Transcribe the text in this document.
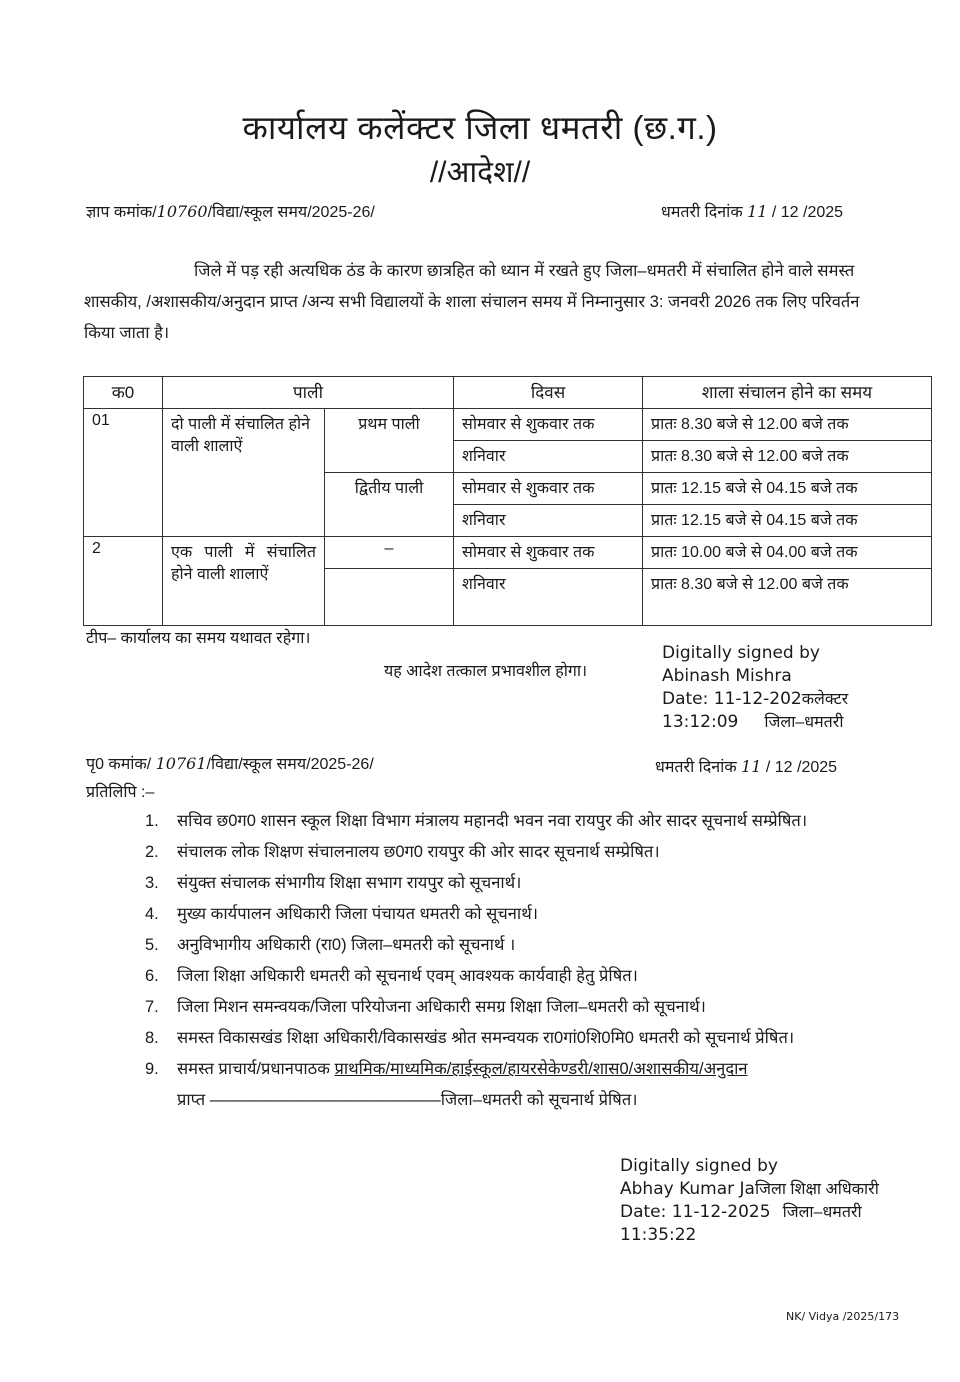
कार्यालय कलेंक्टर जिला धमतरी (छ.ग.)
//आदेश//
ज्ञाप कमांक/10760/विद्या/स्कूल समय/2025-26/	धमतरी दिनांक 11 / 12 /2025
जिले में पड़ रही अत्यधिक ठंड के कारण छात्रहित को ध्यान में रखते हुए जिला–धमतरी में संचालित होने वाले समस्त शासकीय, /अशासकीय/अनुदान प्राप्त /अन्य सभी विद्यालयों के शाला संचालन समय में निम्नानुसार 3: जनवरी 2026 तक लिए परिवर्तन किया जाता है।
क0	पाली		दिवस	शाला संचालन होने का समय
01	दो पाली में संचालित होने वाली शालाऐं	प्रथम पाली	सोमवार से शुकवार तक	प्रातः 8.30 बजे से 12.00 बजे तक
			शनिवार	प्रातः 8.30 बजे से 12.00 बजे तक
		द्वितीय पाली	सोमवार से शुकवार तक	प्रातः 12.15 बजे से 04.15 बजे तक
			शनिवार	प्रातः 12.15 बजे से 04.15 बजे तक
2	एक पाली में संचालित होने वाली शालाऐं	–	सोमवार से शुकवार तक	प्रातः 10.00 बजे से 04.00 बजे तक
			शनिवार	प्रातः 8.30 बजे से 12.00 बजे तक
टीप– कार्यालय का समय यथावत रहेगा।
यह आदेश तत्काल प्रभावशील होगा।
Digitally signed by
Abinash Mishra
Date: 11-12-202कलेक्टर
13:12:09 जिला–धमतरी
पृ0 कमांक/ 10761/विद्या/स्कूल समय/2025-26/	धमतरी दिनांक 11 / 12 /2025
प्रतिलिपि :–
1.	सचिव छ0ग0 शासन स्कूल शिक्षा विभाग मंत्रालय महानदी भवन नवा रायपुर की ओर सादर सूचनार्थ सम्प्रेषित।
2.	संचालक लोक शिक्षण संचालनालय छ0ग0 रायपुर की ओर सादर सूचनार्थ सम्प्रेषित।
3.	संयुक्त संचालक संभागीय शिक्षा सभाग रायपुर को सूचनार्थ।
4.	मुख्य कार्यपालन अधिकारी जिला पंचायत धमतरी को सूचनार्थ।
5.	अनुविभागीय अधिकारी (रा0) जिला–धमतरी को सूचनार्थ ।
6.	जिला शिक्षा अधिकारी धमतरी को सूचनार्थ एवम् आवश्यक कार्यवाही हेतु प्रेषित।
7.	जिला मिशन समन्वयक/जिला परियोजना अधिकारी समग्र शिक्षा जिला–धमतरी को सूचनार्थ।
8.	समस्त विकासखंड शिक्षा अधिकारी/विकासखंड श्रोत समन्वयक रा0गां0शि0मि0 धमतरी को सूचनार्थ प्रेषित।
9.	समस्त प्राचार्य/प्रधानपाठक प्राथमिक/माध्यमिक/हाईस्कूल/हायरसेकेण्डरी/शास0/अशासकीय/अनुदान
प्राप्त ——————————————जिला–धमतरी को सूचनार्थ प्रेषित।
Digitally signed by
Abhay Kumar Jaजिला शिक्षा अधिकारी
Date: 11-12-2025 जिला–धमतरी
11:35:22
NK/ Vidya /2025/173
